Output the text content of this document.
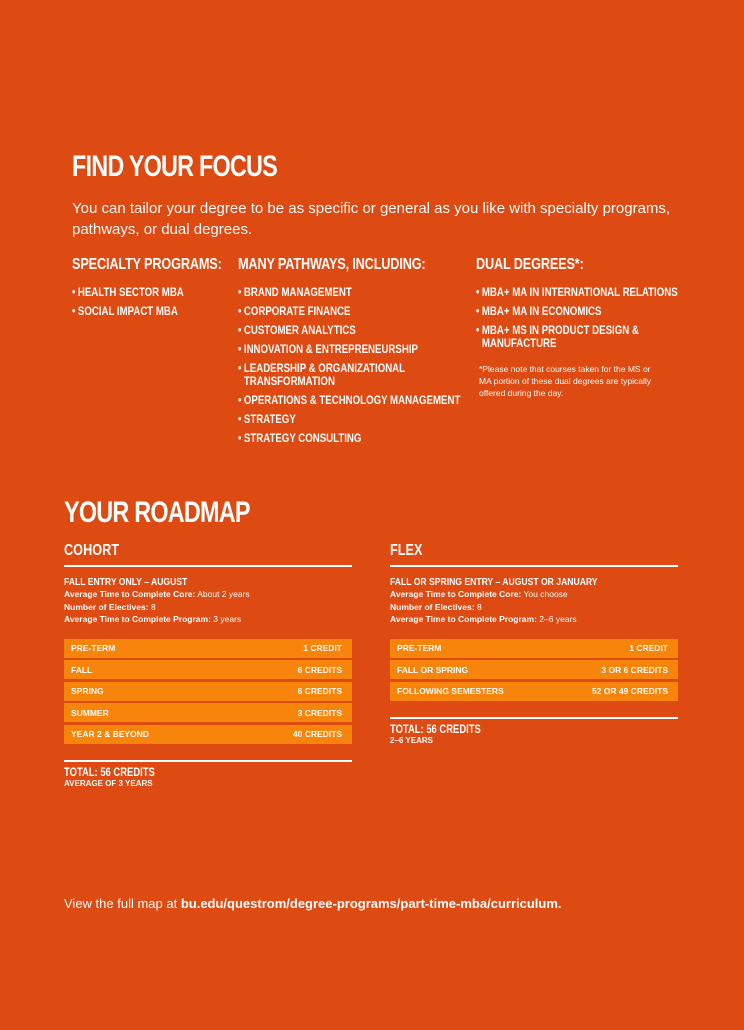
FIND YOUR FOCUS

You can tailor your degree to be as specific or general as you like with specialty programs, pathways, or dual degrees.

SPECIALTY PROGRAMS:
• HEALTH SECTOR MBA
• SOCIAL IMPACT MBA
MANY PATHWAYS, INCLUDING:
• BRAND MANAGEMENT
• CORPORATE FINANCE
• CUSTOMER ANALYTICS
• INNOVATION & ENTREPRENEURSHIP
• LEADERSHIP & ORGANIZATIONAL
TRANSFORMATION
• OPERATIONS & TECHNOLOGY MANAGEMENT
• STRATEGY
• STRATEGY CONSULTING
DUAL DEGREES*:
• MBA+ MA IN INTERNATIONAL RELATIONS
• MBA+ MA IN ECONOMICS
• MBA+ MS IN PRODUCT DESIGN &
MANUFACTURE

*Please note that courses taken for the MS or MA portion of these dual degrees are typically offered during the day.

YOUR ROADMAP
COHORT
FALL ENTRY ONLY – AUGUST
Average Time to Complete Core: About 2 years
Number of Electives: 8
Average Time to Complete Program: 3 years
PRE-TERM	1 CREDIT
FALL	6 CREDITS
SPRING	6 CREDITS
SUMMER	3 CREDITS
YEAR 2 & BEYOND	40 CREDITS
TOTAL: 56 CREDITS
AVERAGE OF 3 YEARS
FLEX
FALL OR SPRING ENTRY – AUGUST OR JANUARY
Average Time to Complete Core: You choose
Number of Electives: 8
Average Time to Complete Program: 2–6 years
PRE-TERM	1 CREDIT
FALL OR SPRING	3 OR 6 CREDITS
FOLLOWING SEMESTERS	52 OR 49 CREDITS
TOTAL: 56 CREDITS
2–6 YEARS

View the full map at bu.edu/questrom/degree-programs/part-time-mba/curriculum.
